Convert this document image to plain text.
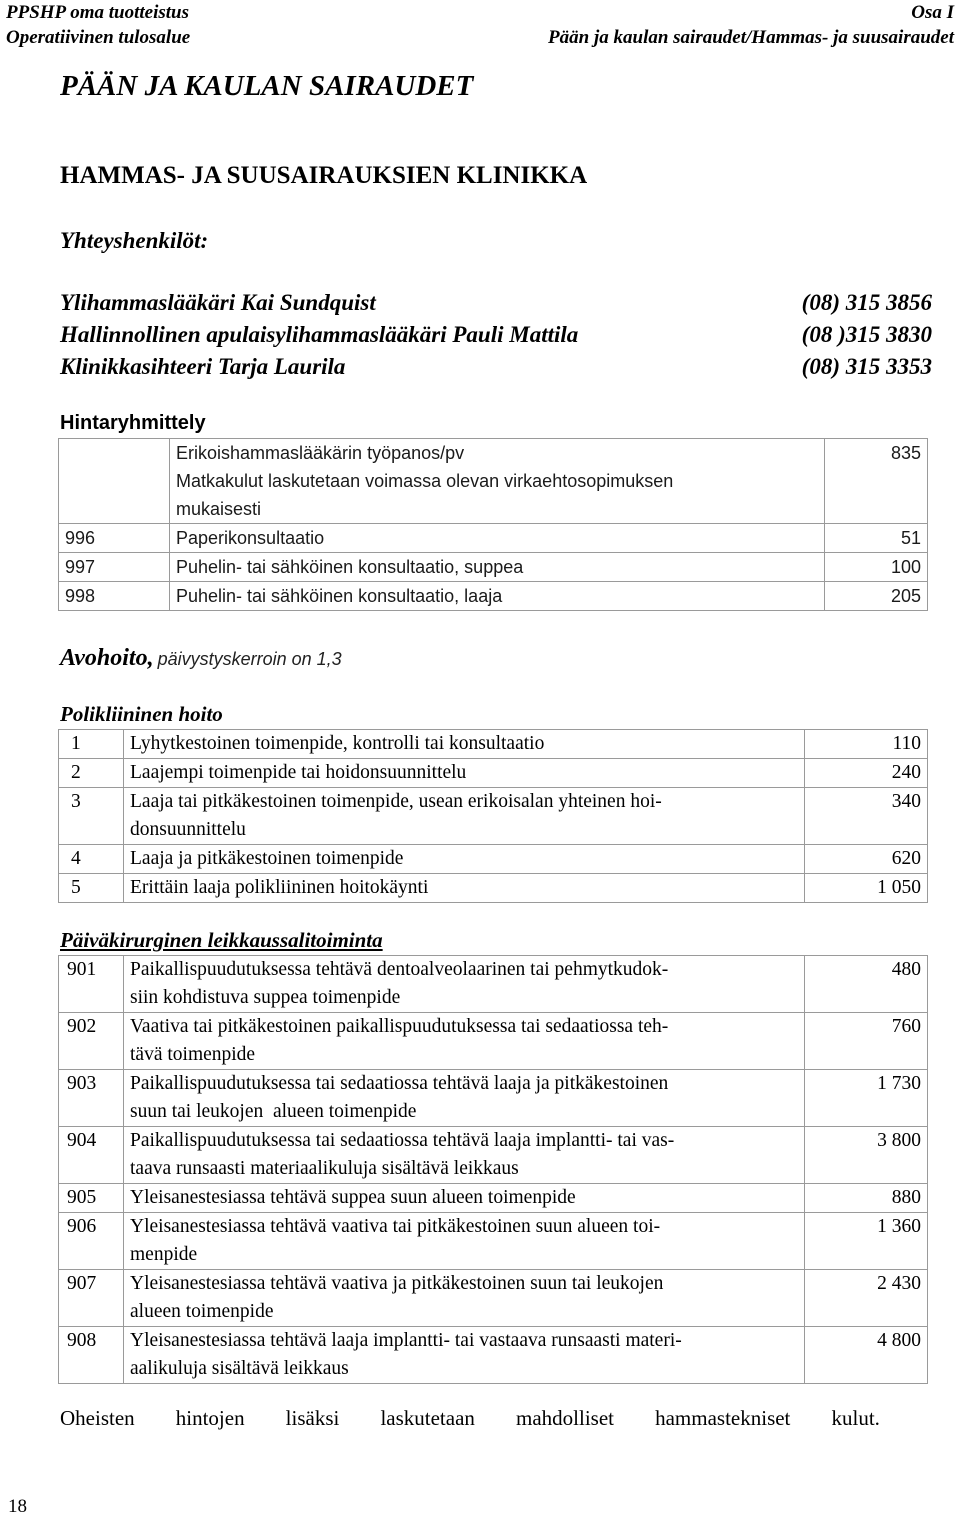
PPSHP oma tuotteistus
Operatiivinen tulosalue
Osa I
Pään ja kaulan sairaudet/Hammas- ja suusairaudet
PÄÄN JA KAULAN SAIRAUDET
HAMMAS- JA SUUSAIRAUKSIEN KLINIKKA
Yhteyshenkilöt:
Ylihammaslääkäri Kai Sundquist	(08) 315 3856
Hallinnollinen apulaisylihammaslääkäri Pauli Mattila	(08 )315 3830
Klinikkasihteeri Tarja Laurila	(08) 315 3353
Hintaryhmittely

	Erikoishammaslääkärin työpanos/pv
Matkakulut laskutetaan voimassa olevan virkaehtosopimuksen
mukaisesti	835
996	Paperikonsultaatio	51
997	Puhelin- tai sähköinen konsultaatio, suppea	100
998	Puhelin- tai sähköinen konsultaatio, laaja	205
Avohoito, päivystyskerroin on 1,3
Polikliininen hoito
1	Lyhytkestoinen toimenpide, kontrolli tai konsultaatio	110
2	Laajempi toimenpide tai hoidonsuunnittelu	240
3	Laaja tai pitkäkestoinen toimenpide, usean erikoisalan yhteinen hoi-
donsuunnittelu	340
4	Laaja ja pitkäkestoinen toimenpide	620
5	Erittäin laaja polikliininen hoitokäynti	1 050
Päiväkirurginen leikkaussalitoiminta
901	Paikallispuudutuksessa tehtävä dentoalveolaarinen tai pehmytkudok-
siin kohdistuva suppea toimenpide	480
902	Vaativa tai pitkäkestoinen paikallispuudutuksessa tai sedaatiossa teh-
tävä toimenpide	760
903	Paikallispuudutuksessa tai sedaatiossa tehtävä laaja ja pitkäkestoinen
suun tai leukojen  alueen toimenpide	1 730
904	Paikallispuudutuksessa tai sedaatiossa tehtävä laaja implantti- tai vas-
taava runsaasti materiaalikuluja sisältävä leikkaus	3 800
905	Yleisanestesiassa tehtävä suppea suun alueen toimenpide	880
906	Yleisanestesiassa tehtävä vaativa tai pitkäkestoinen suun alueen toi-
menpide	1 360
907	Yleisanestesiassa tehtävä vaativa ja pitkäkestoinen suun tai leukojen
alueen toimenpide	2 430
908	Yleisanestesiassa tehtävä laaja implantti- tai vastaava runsaasti materi-
aalikuluja sisältävä leikkaus	4 800
Oheisten hintojen lisäksi laskutetaan mahdolliset hammastekniset kulut.
18
